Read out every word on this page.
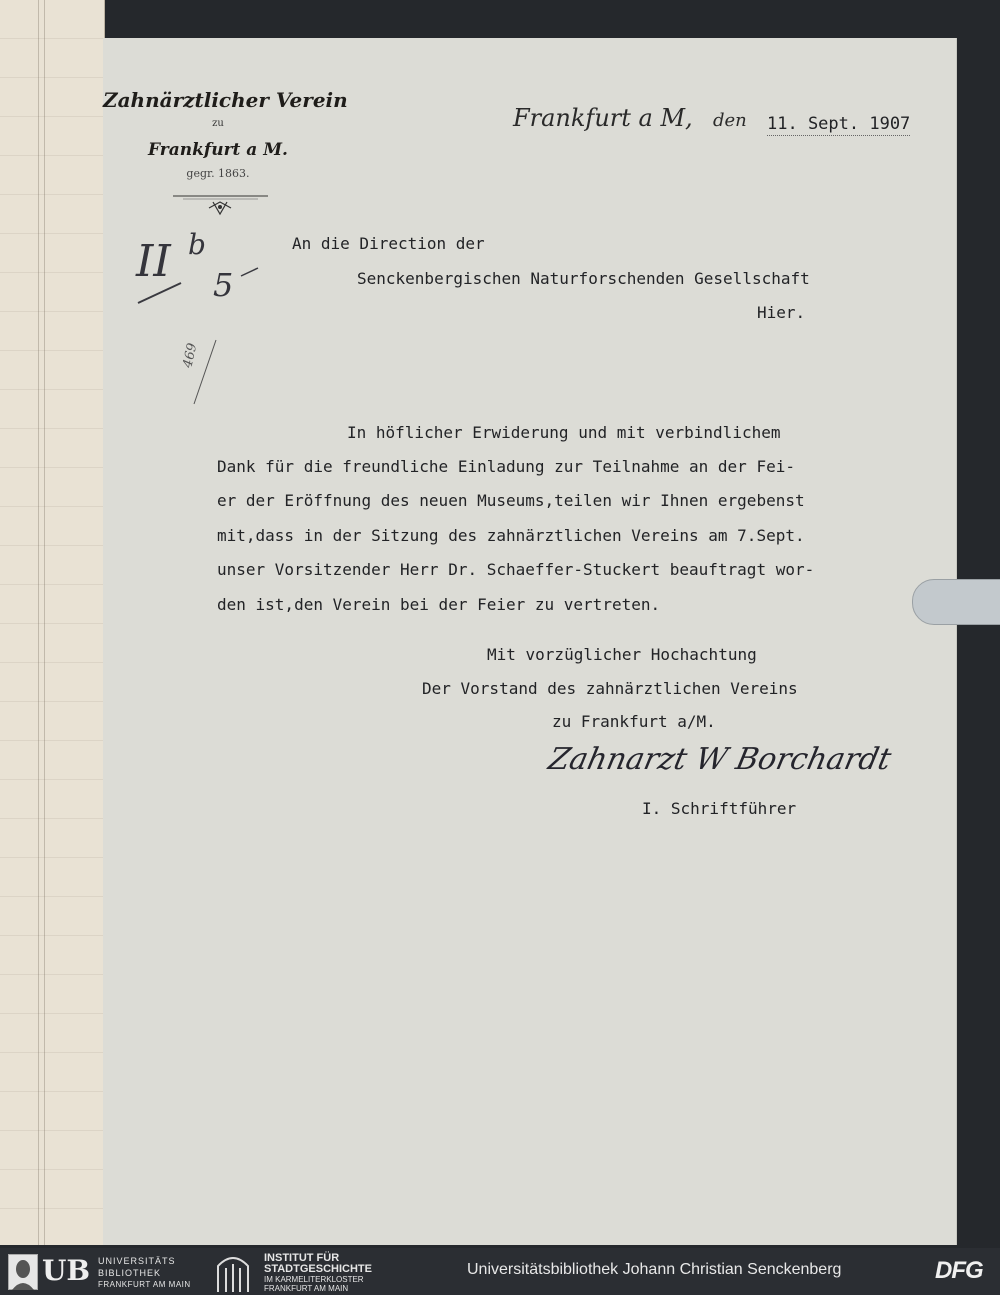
Zahnärztlicher Verein
zu
Frankfurt a M.
gegr. 1863.
Frankfurt a M, den 11. Sept. 1907
II b
5
469
An die Direction der
Senckenbergischen Naturforschenden Gesellschaft
Hier.
In höflicher Erwiderung und mit verbindlichem
Dank für die freundliche Einladung zur Teilnahme an der Fei-
er der Eröffnung des neuen Museums,teilen wir Ihnen ergebenst
mit,dass in der Sitzung des zahnärztlichen Vereins am 7.Sept.
unser Vorsitzender Herr Dr. Schaeffer-Stuckert beauftragt wor-
den ist,den Verein bei der Feier zu vertreten.
Mit vorzüglicher Hochachtung
Der Vorstand des zahnärztlichen Vereins
zu Frankfurt a/M.
Zahnarzt W Borchardt
I. Schriftführer
UB UNIVERSITÄTS
BIBLIOTHEK
FRANKFURT AM MAIN
INSTITUT FÜR
STADTGESCHICHTE
IM KARMELITERKLOSTER
FRANKFURT AM MAIN
Universitätsbibliothek Johann Christian Senckenberg	DFG
